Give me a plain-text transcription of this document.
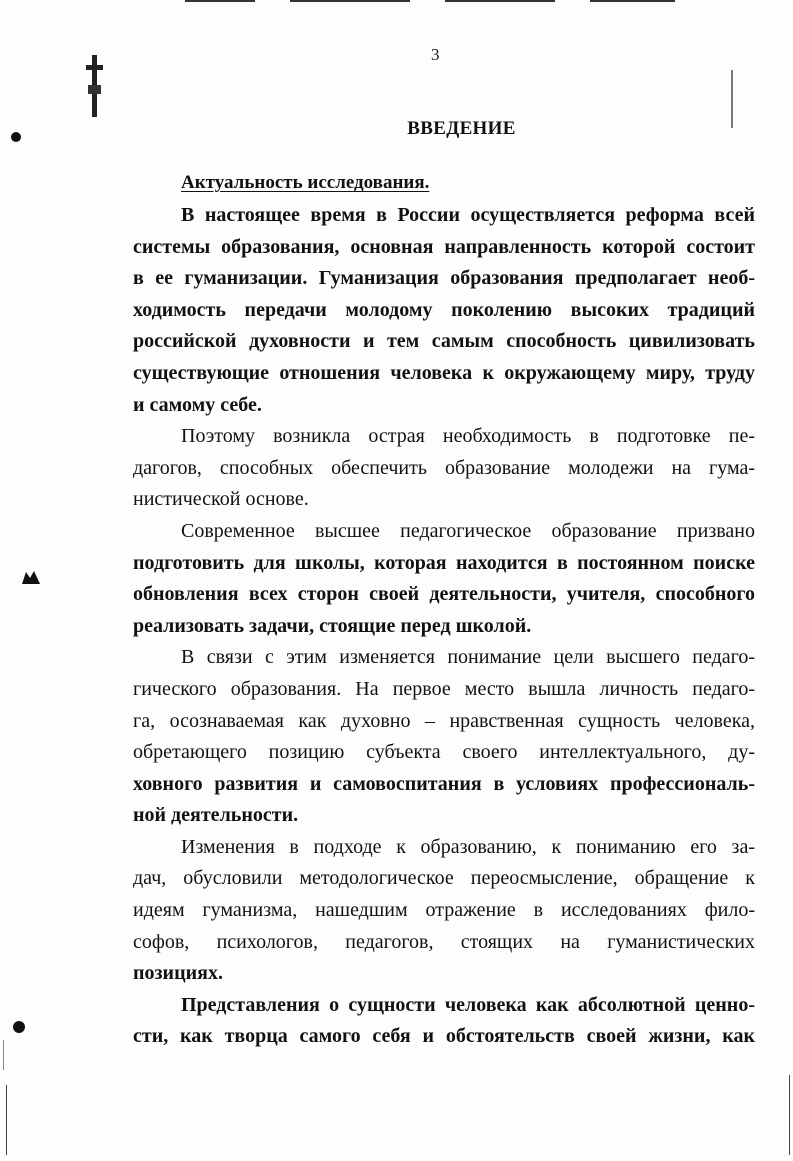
3
ВВЕДЕНИЕ
Актуальность исследования.
В настоящее время в России осуществляется реформа всей
системы образования, основная направленность которой состоит
в ее гуманизации. Гуманизация образования предполагает необ-
ходимость передачи молодому поколению высоких традиций
российской духовности и тем самым способность цивилизовать
существующие отношения человека к окружающему миру, труду
и самому себе.
Поэтому возникла острая необходимость в подготовке пе-
дагогов, способных обеспечить образование молодежи на гума-
нистической основе.
Современное высшее педагогическое образование призвано
подготовить для школы, которая находится в постоянном поиске
обновления всех сторон своей деятельности, учителя, способного
реализовать задачи, стоящие перед школой.
В связи с этим изменяется понимание цели высшего педаго-
гического образования. На первое место вышла личность педаго-
га, осознаваемая как духовно – нравственная сущность человека,
обретающего позицию субъекта своего интеллектуального, ду-
ховного развития и самовоспитания в условиях профессиональ-
ной деятельности.
Изменения в подходе к образованию, к пониманию его за-
дач, обусловили методологическое переосмысление, обращение к
идеям гуманизма, нашедшим отражение в исследованиях фило-
софов, психологов, педагогов, стоящих на гуманистических
позициях.
Представления о сущности человека как абсолютной ценно-
сти, как творца самого себя и обстоятельств своей жизни, как
